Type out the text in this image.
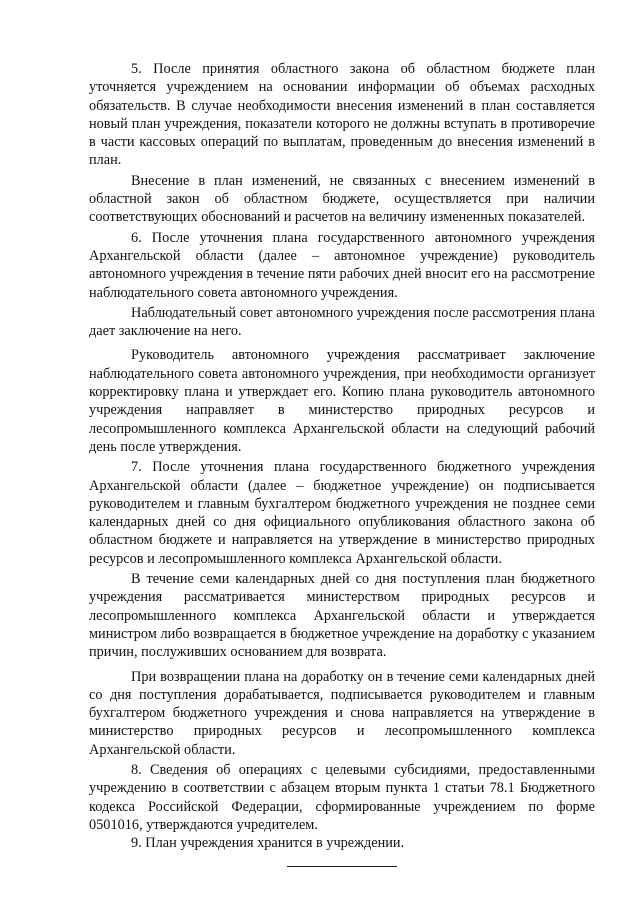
5. После принятия областного закона об областном бюджете план уточняется учреждением на основании информации об объемах расходных обязательств. В случае необходимости внесения изменений в план составляется новый план учреждения, показатели которого не должны вступать в противоречие в части кассовых операций по выплатам, проведенным до внесения изменений в план.

Внесение в план изменений, не связанных с внесением изменений в областной закон об областном бюджете, осуществляется при наличии соответствующих обоснований и расчетов на величину измененных показателей.

6. После уточнения плана государственного автономного учреждения Архангельской области (далее – автономное учреждение) руководитель автономного учреждения в течение пяти рабочих дней вносит его на рассмотрение наблюдательного совета автономного учреждения.

Наблюдательный совет автономного учреждения после рассмотрения плана дает заключение на него.

Руководитель автономного учреждения рассматривает заключение наблюдательного совета автономного учреждения, при необходимости организует корректировку плана и утверждает его. Копию плана руководитель автономного учреждения направляет в министерство природных ресурсов и лесопромышленного комплекса Архангельской области на следующий рабочий день после утверждения.

7. После уточнения плана государственного бюджетного учреждения Архангельской области (далее – бюджетное учреждение) он подписывается руководителем и главным бухгалтером бюджетного учреждения не позднее семи календарных дней со дня официального опубликования областного закона об областном бюджете и направляется на утверждение в министерство природных ресурсов и лесопромышленного комплекса Архангельской области.

В течение семи календарных дней со дня поступления план бюджетного учреждения рассматривается министерством природных ресурсов и лесопромышленного комплекса Архангельской области и утверждается министром либо возвращается в бюджетное учреждение на доработку с указанием причин, послуживших основанием для возврата.

При возвращении плана на доработку он в течение семи календарных дней со дня поступления дорабатывается, подписывается руководителем и главным бухгалтером бюджетного учреждения и снова направляется на утверждение в министерство природных ресурсов и лесопромышленного комплекса Архангельской области.

8. Сведения об операциях с целевыми субсидиями, предоставленными учреждению в соответствии с абзацем вторым пункта 1 статьи 78.1 Бюджетного кодекса Российской Федерации, сформированные учреждением по форме 0501016, утверждаются учредителем.

9. План учреждения хранится в учреждении.
